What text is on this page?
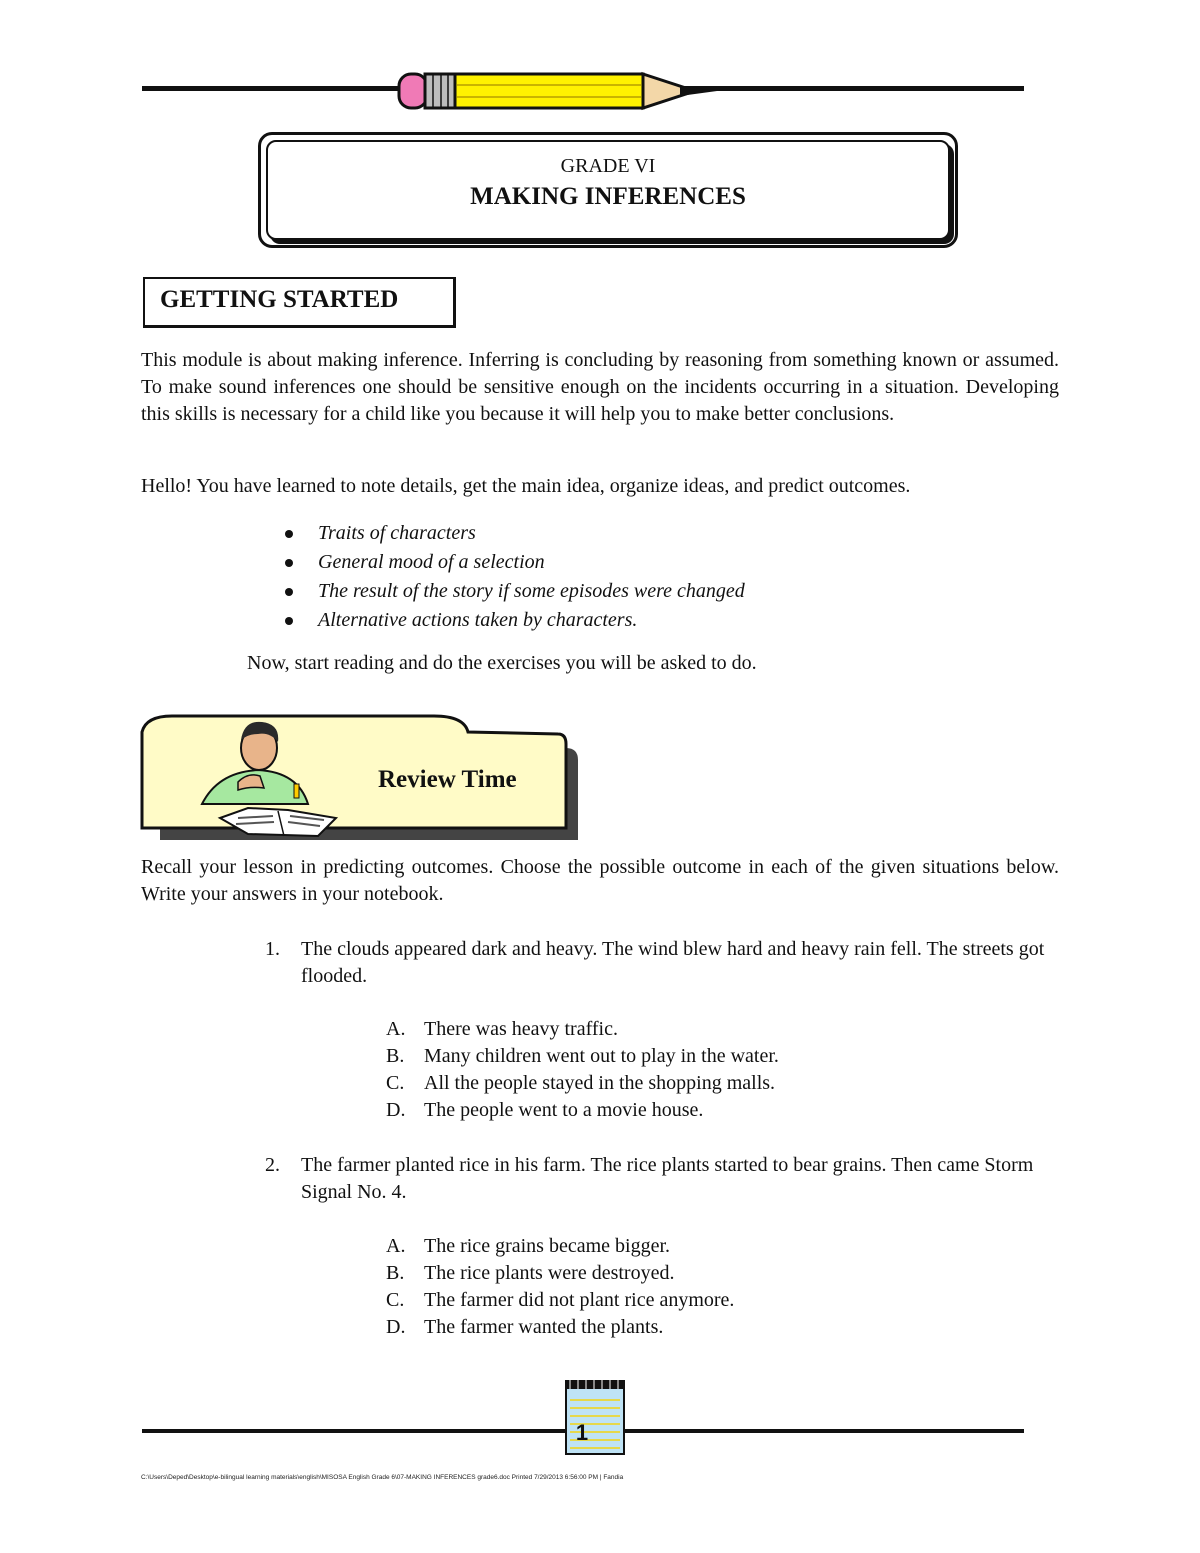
GRADE VI
MAKING INFERENCES
GETTING STARTED
This module is about making inference. Inferring is concluding by reasoning from something known or assumed. To make sound inferences one should be sensitive enough on the incidents occurring in a situation. Developing this skills is necessary for a child like you because it will help you to make better conclusions.
Hello! You have learned to note details, get the main idea, organize ideas, and predict outcomes.
Traits of characters
General mood of a selection
The result of the story if some episodes were changed
Alternative actions taken by characters.
Now, start reading and do the exercises you will be asked to do.
Review Time
Recall your lesson in predicting outcomes. Choose the possible outcome in each of the given situations below. Write your answers in your notebook.
1. The clouds appeared dark and heavy. The wind blew hard and heavy rain fell. The streets got flooded.
A. There was heavy traffic.
B. Many children went out to play in the water.
C. All the people stayed in the shopping malls.
D. The people went to a movie house.
2. The farmer planted rice in his farm. The rice plants started to bear grains. Then came Storm Signal No. 4.
A. The rice grains became bigger.
B. The rice plants were destroyed.
C. The farmer did not plant rice anymore.
D. The farmer wanted the plants.
1
C:\Users\Deped\Desktop\e-bilingual learning materials\english\MISOSA English Grade 6\07-MAKING INFERENCES grade6.doc Printed 7/29/2013 6:56:00 PM | Fandia
